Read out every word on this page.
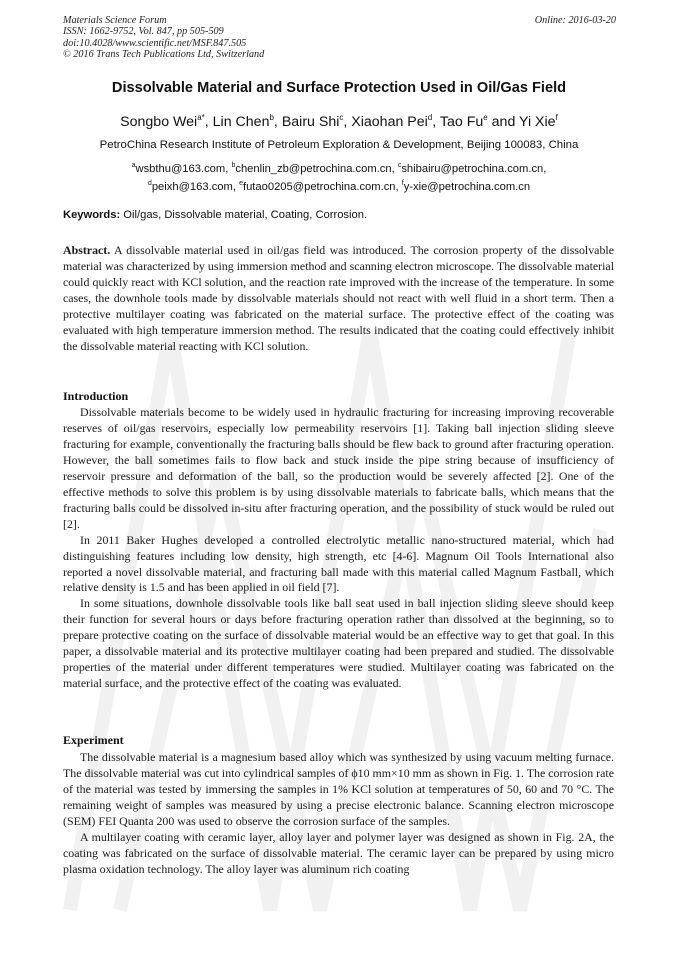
Materials Science Forum
ISSN: 1662-9752, Vol. 847, pp 505-509
doi:10.4028/www.scientific.net/MSF.847.505
© 2016 Trans Tech Publications Ltd, Switzerland
Online: 2016-03-20
Dissolvable Material and Surface Protection Used in Oil/Gas Field
Songbo Wei$^{a*}$, Lin Chen$^b$, Bairu Shi$^c$, Xiaohan Pei$^d$, Tao Fu$^e$ and Yi Xie$^f$
PetroChina Research Institute of Petroleum Exploration & Development, Beijing 100083, China
$^a$wsbthu@163.com, $^b$chenlin_zb@petrochina.com.cn, $^c$shibairu@petrochina.com.cn,
$^d$peixh@163.com, $^e$futao0205@petrochina.com.cn, $^f$y-xie@petrochina.com.cn
Keywords: Oil/gas, Dissolvable material, Coating, Corrosion.

Abstract. A dissolvable material used in oil/gas field was introduced. The corrosion property of the dissolvable material was characterized by using immersion method and scanning electron microscope. The dissolvable material could quickly react with KCl solution, and the reaction rate improved with the increase of the temperature. In some cases, the downhole tools made by dissolvable materials should not react with well fluid in a short term. Then a protective multilayer coating was fabricated on the material surface. The protective effect of the coating was evaluated with high temperature immersion method. The results indicated that the coating could effectively inhibit the dissolvable material reacting with KCl solution.

Introduction

Dissolvable materials become to be widely used in hydraulic fracturing for increasing improving recoverable reserves of oil/gas reservoirs, especially low permeability reservoirs [1]. Taking ball injection sliding sleeve fracturing for example, conventionally the fracturing balls should be flew back to ground after fracturing operation. However, the ball sometimes fails to flow back and stuck inside the pipe string because of insufficiency of reservoir pressure and deformation of the ball, so the production would be severely affected [2]. One of the effective methods to solve this problem is by using dissolvable materials to fabricate balls, which means that the fracturing balls could be dissolved in-situ after fracturing operation, and the possibility of stuck would be ruled out [2].

In 2011 Baker Hughes developed a controlled electrolytic metallic nano-structured material, which had distinguishing features including low density, high strength, etc [4-6]. Magnum Oil Tools International also reported a novel dissolvable material, and fracturing ball made with this material called Magnum Fastball, which relative density is 1.5 and has been applied in oil field [7].

In some situations, downhole dissolvable tools like ball seat used in ball injection sliding sleeve should keep their function for several hours or days before fracturing operation rather than dissolved at the beginning, so to prepare protective coating on the surface of dissolvable material would be an effective way to get that goal. In this paper, a dissolvable material and its protective multilayer coating had been prepared and studied. The dissolvable properties of the material under different temperatures were studied. Multilayer coating was fabricated on the material surface, and the protective effect of the coating was evaluated.

Experiment

The dissolvable material is a magnesium based alloy which was synthesized by using vacuum melting furnace. The dissolvable material was cut into cylindrical samples of ϕ10 mm×10 mm as shown in Fig. 1. The corrosion rate of the material was tested by immersing the samples in 1% KCl solution at temperatures of 50, 60 and 70 °C. The remaining weight of samples was measured by using a precise electronic balance. Scanning electron microscope (SEM) FEI Quanta 200 was used to observe the corrosion surface of the samples.

A multilayer coating with ceramic layer, alloy layer and polymer layer was designed as shown in Fig. 2A, the coating was fabricated on the surface of dissolvable material. The ceramic layer can be prepared by using micro plasma oxidation technology. The alloy layer was aluminum rich coating
